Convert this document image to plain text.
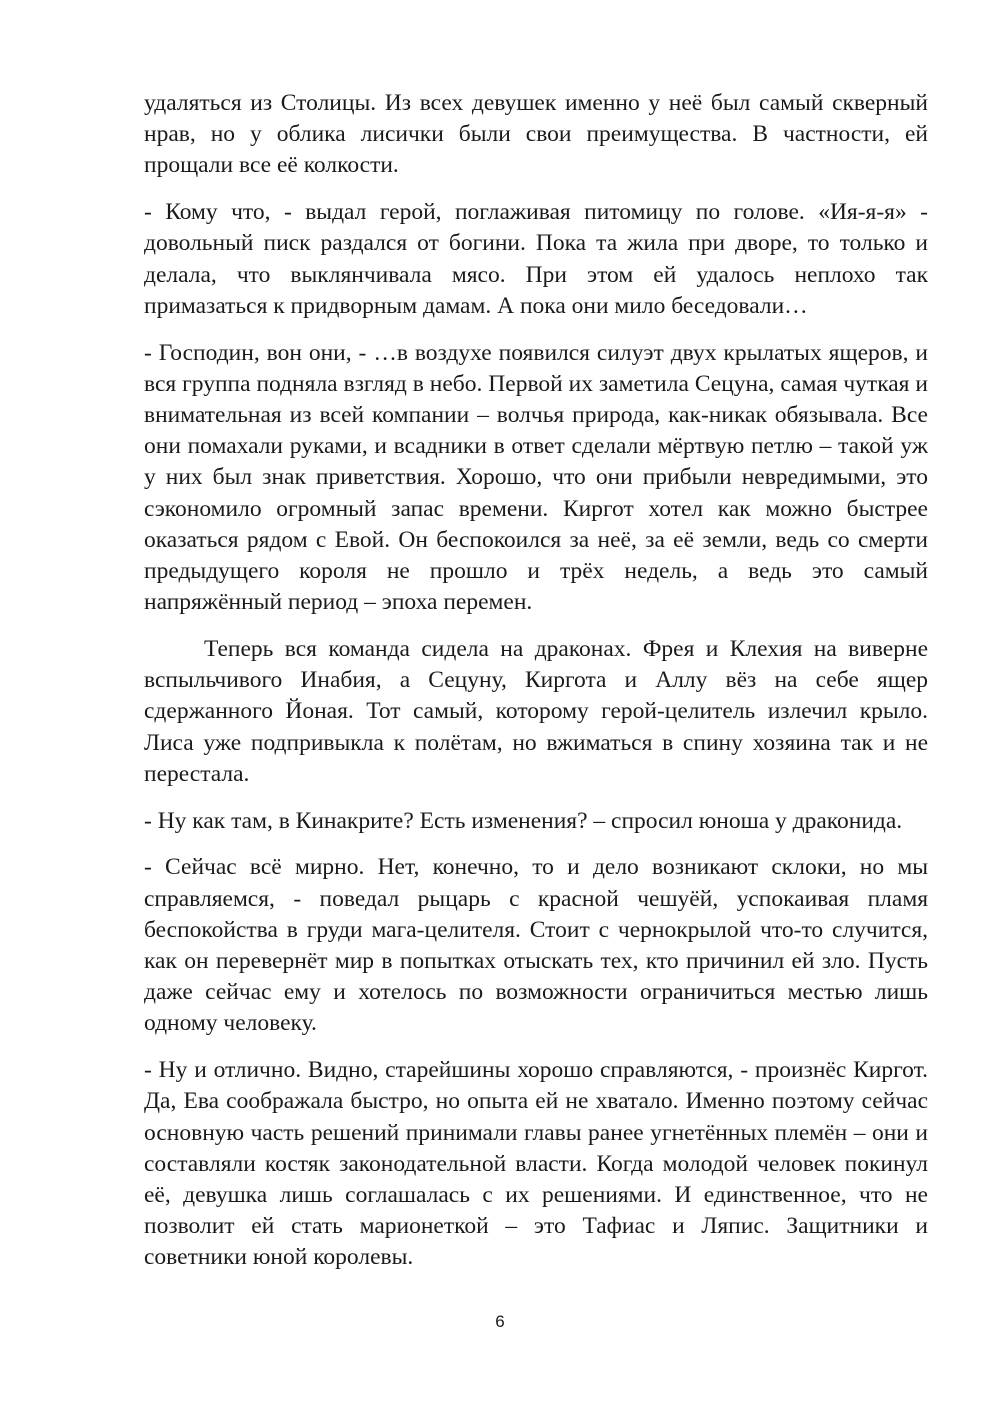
удаляться из Столицы. Из всех девушек именно у неё был самый скверный нрав, но у облика лисички были свои преимущества. В частности, ей прощали все её колкости.

- Кому что, - выдал герой, поглаживая питомицу по голове. «Ия-я-я» - довольный писк раздался от богини. Пока та жила при дворе, то только и делала, что выклянчивала мясо. При этом ей удалось неплохо так примазаться к придворным дамам. А пока они мило беседовали…

- Господин, вон они, - …в воздухе появился силуэт двух крылатых ящеров, и вся группа подняла взгляд в небо. Первой их заметила Сецуна, самая чуткая и внимательная из всей компании – волчья природа, как-никак обязывала. Все они помахали руками, и всадники в ответ сделали мёртвую петлю – такой уж у них был знак приветствия. Хорошо, что они прибыли невредимыми, это сэкономило огромный запас времени. Киргот хотел как можно быстрее оказаться рядом с Евой. Он беспокоился за неё, за её земли, ведь со смерти предыдущего короля не прошло и трёх недель, а ведь это самый напряжённый период – эпоха перемен.

Теперь вся команда сидела на драконах. Фрея и Клехия на виверне вспыльчивого Инабия, а Сецуну, Киргота и Аллу вёз на себе ящер сдержанного Йоная. Тот самый, которому герой-целитель излечил крыло. Лиса уже подпривыкла к полётам, но вжиматься в спину хозяина так и не перестала.

- Ну как там, в Кинакрите? Есть изменения? – спросил юноша у драконида.

- Сейчас всё мирно. Нет, конечно, то и дело возникают склоки, но мы справляемся, - поведал рыцарь с красной чешуёй, успокаивая пламя беспокойства в груди мага-целителя. Стоит с чернокрылой что-то случится, как он перевернёт мир в попытках отыскать тех, кто причинил ей зло. Пусть даже сейчас ему и хотелось по возможности ограничиться местью лишь одному человеку.

- Ну и отлично. Видно, старейшины хорошо справляются, - произнёс Киргот. Да, Ева соображала быстро, но опыта ей не хватало. Именно поэтому сейчас основную часть решений принимали главы ранее угнетённых племён – они и составляли костяк законодательной власти. Когда молодой человек покинул её, девушка лишь соглашалась с их решениями. И единственное, что не позволит ей стать марионеткой – это Тафиас и Ляпис. Защитники и советники юной королевы.

6
